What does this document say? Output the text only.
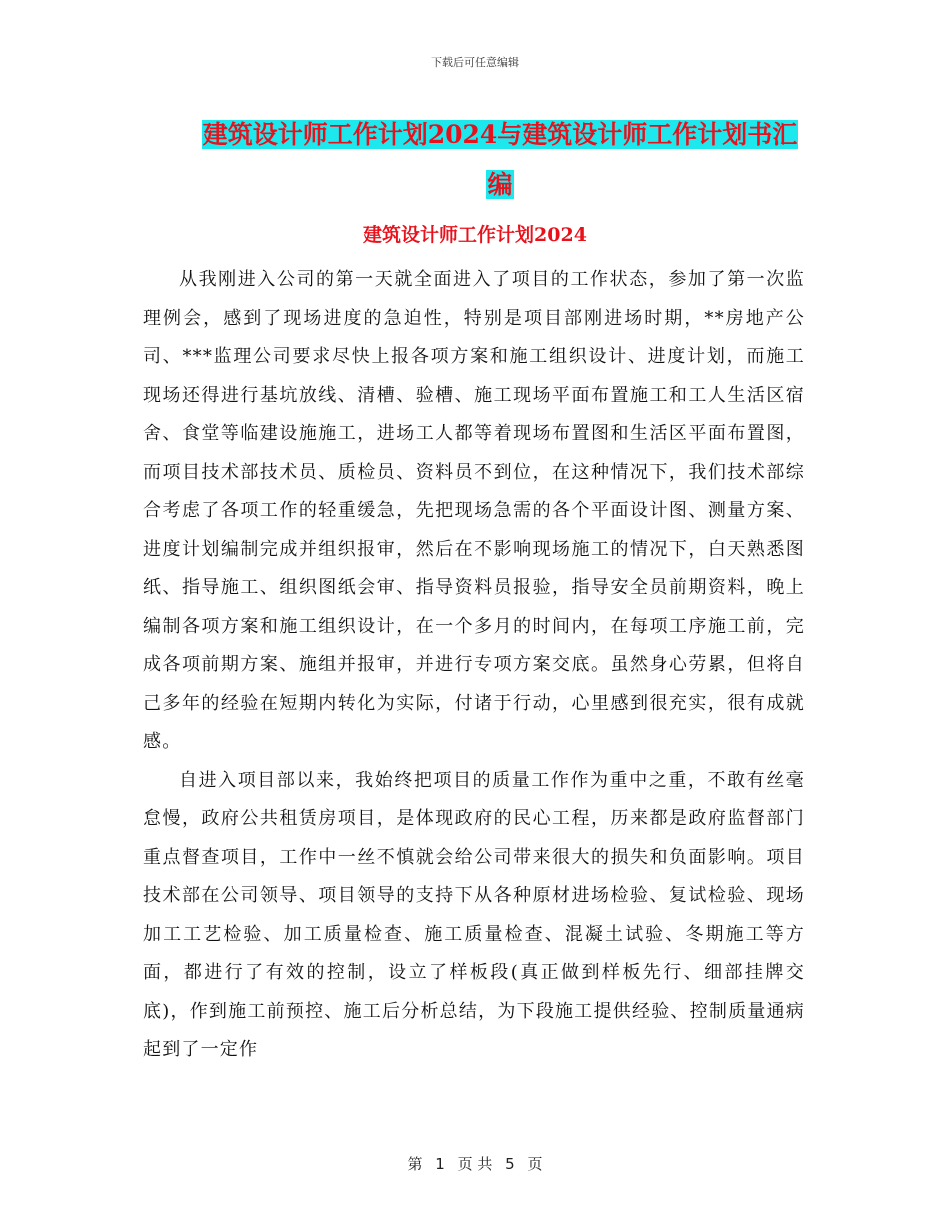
下载后可任意编辑
建筑设计师工作计划2024与建筑设计师工作计划书汇
编
建筑设计师工作计划2024

从我刚进入公司的第一天就全面进入了项目的工作状态，参加了第一次监理例会，感到了现场进度的急迫性，特别是项目部刚进场时期，**房地产公司、***监理公司要求尽快上报各项方案和施工组织设计、进度计划，而施工现场还得进行基坑放线、清槽、验槽、施工现场平面布置施工和工人生活区宿舍、食堂等临建设施施工，进场工人都等着现场布置图和生活区平面布置图，而项目技术部技术员、质检员、资料员不到位，在这种情况下，我们技术部综合考虑了各项工作的轻重缓急，先把现场急需的各个平面设计图、测量方案、进度计划编制完成并组织报审，然后在不影响现场施工的情况下，白天熟悉图纸、指导施工、组织图纸会审、指导资料员报验，指导安全员前期资料，晚上编制各项方案和施工组织设计，在一个多月的时间内，在每项工序施工前，完成各项前期方案、施组并报审，并进行专项方案交底。虽然身心劳累，但将自己多年的经验在短期内转化为实际，付诸于行动，心里感到很充实，很有成就感。

自进入项目部以来，我始终把项目的质量工作作为重中之重，不敢有丝毫怠慢，政府公共租赁房项目，是体现政府的民心工程，历来都是政府监督部门重点督查项目，工作中一丝不慎就会给公司带来很大的损失和负面影响。项目技术部在公司领导、项目领导的支持下从各种原材进场检验、复试检验、现场加工工艺检验、加工质量检查、施工质量检查、混凝土试验、冬期施工等方面，都进行了有效的控制，设立了样板段(真正做到样板先行、细部挂牌交底)，作到施工前预控、施工后分析总结，为下段施工提供经验、控制质量通病起到了一定作

第 1 页 共 5 页
